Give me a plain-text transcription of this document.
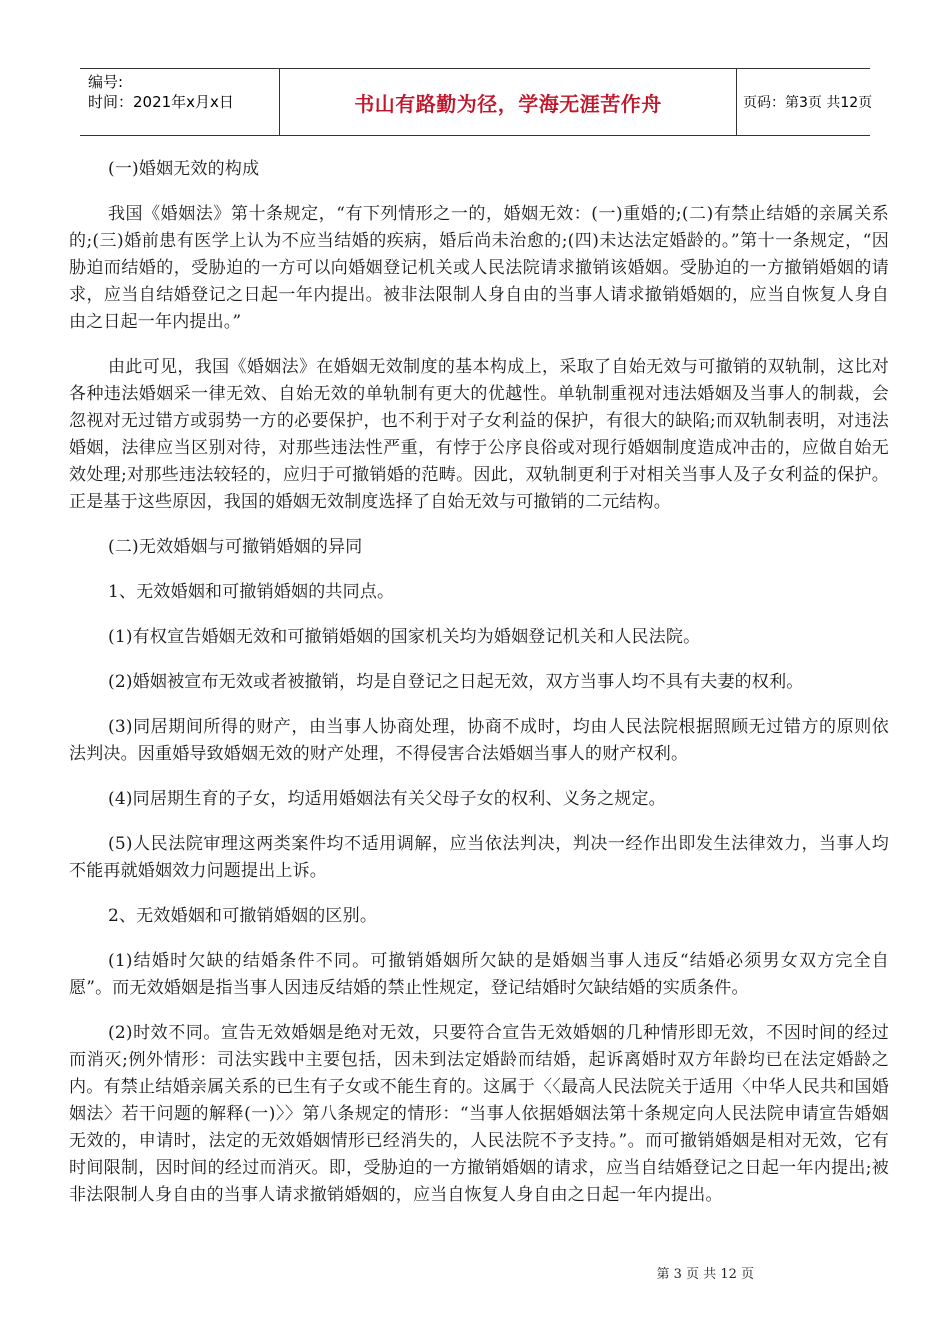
编号:
时间：2021年x月x日	书山有路勤为径，学海无涯苦作舟	页码：第3页 共12页

(一)婚姻无效的构成

我国《婚姻法》第十条规定，“有下列情形之一的，婚姻无效：(一)重婚的;(二)有禁止结婚的亲属关系的;(三)婚前患有医学上认为不应当结婚的疾病，婚后尚未治愈的;(四)未达法定婚龄的。”第十一条规定，“因胁迫而结婚的，受胁迫的一方可以向婚姻登记机关或人民法院请求撤销该婚姻。受胁迫的一方撤销婚姻的请求，应当自结婚登记之日起一年内提出。被非法限制人身自由的当事人请求撤销婚姻的，应当自恢复人身自由之日起一年内提出。”

由此可见，我国《婚姻法》在婚姻无效制度的基本构成上，采取了自始无效与可撤销的双轨制，这比对各种违法婚姻采一律无效、自始无效的单轨制有更大的优越性。单轨制重视对违法婚姻及当事人的制裁，会忽视对无过错方或弱势一方的必要保护，也不利于对子女利益的保护，有很大的缺陷;而双轨制表明，对违法婚姻，法律应当区别对待，对那些违法性严重，有悖于公序良俗或对现行婚姻制度造成冲击的，应做自始无效处理;对那些违法较轻的，应归于可撤销婚的范畴。因此，双轨制更利于对相关当事人及子女利益的保护。正是基于这些原因，我国的婚姻无效制度选择了自始无效与可撤销的二元结构。

(二)无效婚姻与可撤销婚姻的异同

1、无效婚姻和可撤销婚姻的共同点。

(1)有权宣告婚姻无效和可撤销婚姻的国家机关均为婚姻登记机关和人民法院。

(2)婚姻被宣布无效或者被撤销，均是自登记之日起无效，双方当事人均不具有夫妻的权利。

(3)同居期间所得的财产，由当事人协商处理，协商不成时，均由人民法院根据照顾无过错方的原则依法判决。因重婚导致婚姻无效的财产处理，不得侵害合法婚姻当事人的财产权利。

(4)同居期生育的子女，均适用婚姻法有关父母子女的权利、义务之规定。

(5)人民法院审理这两类案件均不适用调解，应当依法判决，判决一经作出即发生法律效力，当事人均不能再就婚姻效力问题提出上诉。

2、无效婚姻和可撤销婚姻的区别。

(1)结婚时欠缺的结婚条件不同。可撤销婚姻所欠缺的是婚姻当事人违反“结婚必须男女双方完全自愿”。而无效婚姻是指当事人因违反结婚的禁止性规定，登记结婚时欠缺结婚的实质条件。

(2)时效不同。宣告无效婚姻是绝对无效，只要符合宣告无效婚姻的几种情形即无效，不因时间的经过而消灭;例外情形：司法实践中主要包括，因未到法定婚龄而结婚，起诉离婚时双方年龄均已在法定婚龄之内。有禁止结婚亲属关系的已生有子女或不能生育的。这属于〈〈最高人民法院关于适用〈中华人民共和国婚姻法〉若干问题的解释(一)〉〉第八条规定的情形：“当事人依据婚姻法第十条规定向人民法院申请宣告婚姻无效的，申请时，法定的无效婚姻情形已经消失的，人民法院不予支持。”。而可撤销婚姻是相对无效，它有时间限制，因时间的经过而消灭。即，受胁迫的一方撤销婚姻的请求，应当自结婚登记之日起一年内提出;被非法限制人身自由的当事人请求撤销婚姻的，应当自恢复人身自由之日起一年内提出。

第 3 页 共 12 页
